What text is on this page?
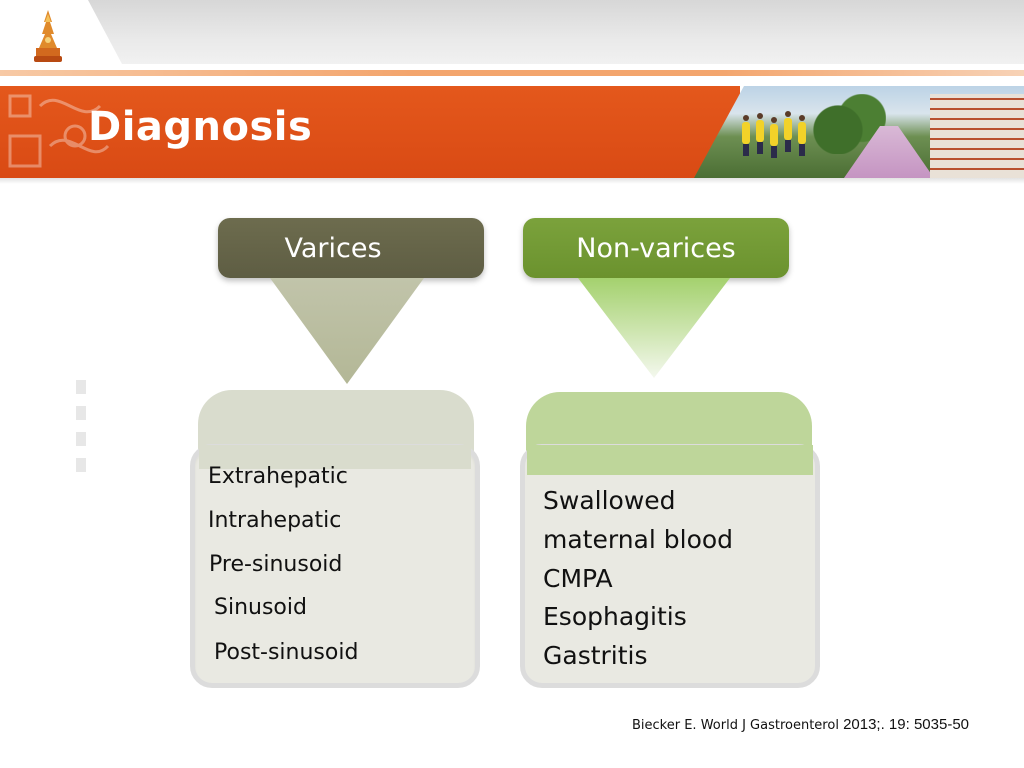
Diagnosis
Varices
Extrahepatic
Intrahepatic
Pre-sinusoid
Sinusoid
Post-sinusoid
Non-varices
Swallowed
maternal blood
CMPA
Esophagitis
Gastritis
Biecker E. World J Gastroenterol 2013;. 19: 5035-50
